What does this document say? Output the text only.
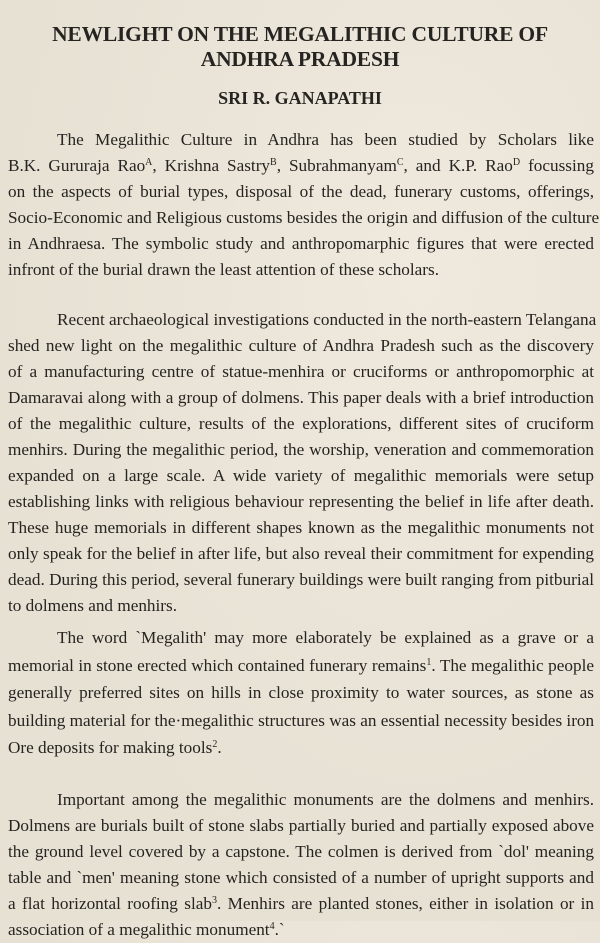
NEWLIGHT ON THE MEGALITHIC CULTURE OF
ANDHRA PRADESH
SRI R. GANAPATHI
The Megalithic Culture in Andhra has been studied by Scholars like
B.K. Gururaja Rao$^A$, Krishna Sastry$^B$, Subrahmanyam$^C$, and K.P. Rao$^D$ focussing
on the aspects of burial types, disposal of the dead, funerary customs, offerings,
Socio-Economic and Religious customs besides the origin and diffusion of the culture
in Andhraesa. The symbolic study and anthropomarphic figures that were erected
infront of the burial drawn the least attention of these scholars.
Recent archaeological investigations conducted in the north-eastern Telangana
shed new light on the megalithic culture of Andhra Pradesh such as the discovery
of a manufacturing centre of statue-menhira or cruciforms or anthropomorphic at
Damaravai along with a group of dolmens. This paper deals with a brief introduction
of the megalithic culture, results of the explorations, different sites of cruciform
menhirs. During the megalithic period, the worship, veneration and commemoration
expanded on a large scale. A wide variety of megalithic memorials were setup
establishing links with religious behaviour representing the belief in life after death.
These huge memorials in different shapes known as the megalithic monuments not
only speak for the belief in after life, but also reveal their commitment for expending
dead. During this period, several funerary buildings were built ranging from pitburial
to dolmens and menhirs.
The word `Megalith' may more elaborately be explained as a grave or a
memorial in stone erected which contained funerary remains$^1$. The megalithic people
generally preferred sites on hills in close proximity to water sources, as stone as
building material for the·megalithic structures was an essential necessity besides iron
Ore deposits for making tools$^2$.
Important among the megalithic monuments are the dolmens and menhirs.
Dolmens are burials built of stone slabs partially buried and partially exposed above
the ground level covered by a capstone. The colmen is derived from `dol' meaning
table and `men' meaning stone which consisted of a number of upright supports and
a flat horizontal roofing slab$^3$. Menhirs are planted stones, either in isolation or in
association of a megalithic monument$^4$.`
